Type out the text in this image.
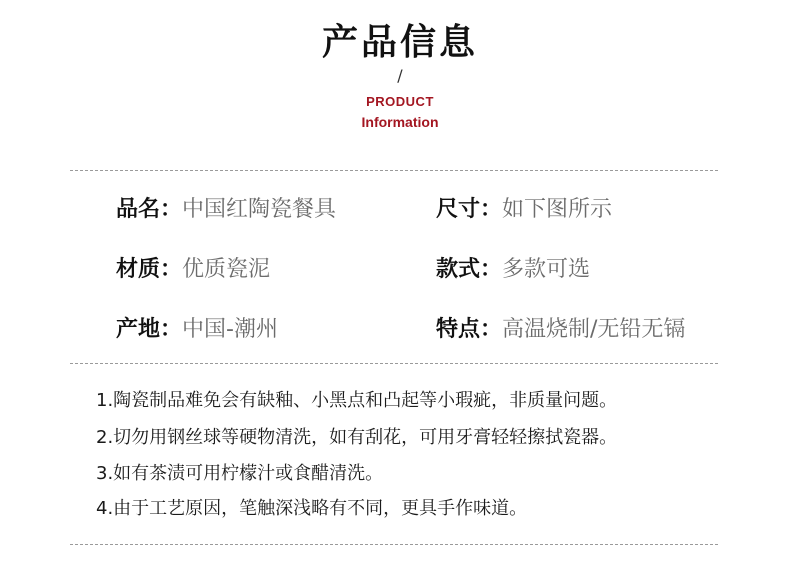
产品信息
/
PRODUCT
Information
品名：中国红陶瓷餐具	尺寸：如下图所示
材质：优质瓷泥	款式：多款可选
产地：中国-潮州	特点：高温烧制/无铅无镉
1.陶瓷制品难免会有缺釉、小黑点和凸起等小瑕疵，非质量问题。
2.切勿用钢丝球等硬物清洗，如有刮花，可用牙膏轻轻擦拭瓷器。
3.如有茶渍可用柠檬汁或食醋清洗。
4.由于工艺原因，笔触深浅略有不同，更具手作味道。
